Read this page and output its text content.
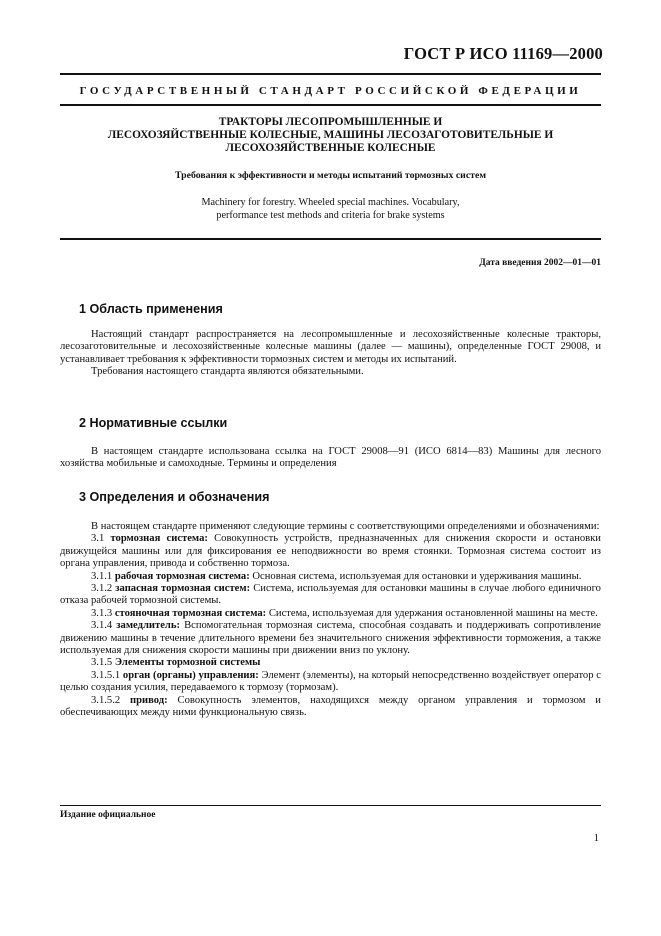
ГОСТ Р ИСО 11169—2000
ГОСУДАРСТВЕННЫЙ СТАНДАРТ РОССИЙСКОЙ ФЕДЕРАЦИИ
ТРАКТОРЫ ЛЕСОПРОМЫШЛЕННЫЕ И
ЛЕСОХОЗЯЙСТВЕННЫЕ КОЛЕСНЫЕ, МАШИНЫ ЛЕСОЗАГОТОВИТЕЛЬНЫЕ И
ЛЕСОХОЗЯЙСТВЕННЫЕ КОЛЕСНЫЕ
Требования к эффективности и методы испытаний тормозных систем
Machinery for forestry. Wheeled special machines. Vocabulary,
performance test methods and criteria for brake systems
Дата введения 2002—01—01
1 Область применения

Настоящий стандарт распространяется на лесопромышленные и лесохозяйственные колесные тракторы, лесозаготовительные и лесохозяйственные колесные машины (далее — машины), определенные ГОСТ 29008, и устанавливает требования к эффективности тормозных систем и методы их испытаний.

Требования настоящего стандарта являются обязательными.

2 Нормативные ссылки

В настоящем стандарте использована ссылка на ГОСТ 29008—91 (ИСО 6814—83) Машины для лесного хозяйства мобильные и самоходные. Термины и определения

3 Определения и обозначения

В настоящем стандарте применяют следующие термины с соответствующими определениями и обозначениями:

3.1 тормозная система: Совокупность устройств, предназначенных для снижения скорости и остановки движущейся машины или для фиксирования ее неподвижности во время стоянки. Тормозная система состоит из органа управления, привода и собственно тормоза.

3.1.1 рабочая тормозная система: Основная система, используемая для остановки и удерживания машины.

3.1.2 запасная тормозная систем: Система, используемая для остановки машины в случае любого единичного отказа рабочей тормозной системы.

3.1.3 стояночная тормозная система: Система, используемая для удержания остановленной машины на месте.

3.1.4 замедлитель: Вспомогательная тормозная система, способная создавать и поддерживать сопротивление движению машины в течение длительного времени без значительного снижения эффективности торможения, а также используемая для снижения скорости машины при движении вниз по уклону.

3.1.5 Элементы тормозной системы

3.1.5.1 орган (органы) управления: Элемент (элементы), на который непосредственно воздействует оператор с целью создания усилия, передаваемого к тормозу (тормозам).

3.1.5.2 привод: Совокупность элементов, находящихся между органом управления и тормозом и обеспечивающих между ними функциональную связь.

Издание официальное
1
